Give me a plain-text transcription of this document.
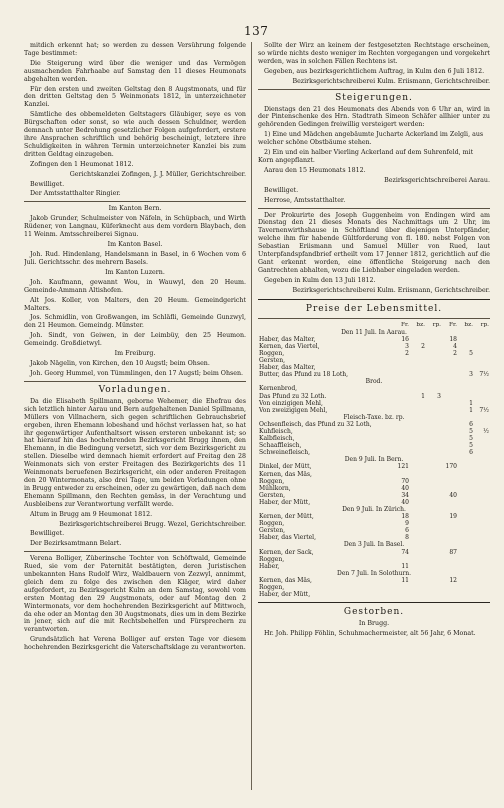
137

mitdich erkennt hat; so werden zu dessen Versührung folgende Tage bestimmet:

Die Steigerung wird über die weniger und das Vermögen ausmachenden Fahrhaabe auf Samstag den 11 dieses Heumonats abgehalten werden.

Für den ersten und zweiten Geltstag den 8 Augstmonats, und für den dritten Geltstag den 5 Weinmonats 1812, in unterzeichneter Kanzlei.

Sämtliche des obbemeldeten Geltstagers Gläubiger, seye es von Bürgschaften oder sonst, so wie auch dessen Schuldner, werden demnach unter Bedrohung gesetzlicher Folgen aufgefordert, erstere ihre Ansprachen schriftlich und behörig bescheinigt, letztere ihre Schuldigkeiten in währen Termin unterzeichneter Kanzlei bis zum dritten Geldtag einzugeben.

Zofingen den 1 Heumonat 1812.

Gerichtskanzlei Zofingen, J. J. Müller, Gerichtschreiber.

Bewilliget.

Der Amtsstatthalter Ringier.

Im Kanton Bern.

Jakob Grunder, Schulmeister von Näfeln, in Schüpbach, und Wirth Rüdener, von Langnau, Küferknecht aus dem vordern Blaybach, den 11 Weinm. Amtsschreiberei Signau.

Im Kanton Basel.

Joh. Rud. Hindenlang, Handelsmann in Basel, in 6 Wochen vom 6 Juli. Gerichtsschr. des mehrern Basels.

Im Kanton Luzern.

Joh. Kaufmann, gewannt Wou, in Wauwyl, den 20 Heum. Gemeinde-Ammann Altishofen.

Alt Jos. Koller, von Malters, den 20 Heum. Gemeindgericht Malters.

Jos. Schmidlin, von Großwangen, im Schläfli, Gemeinde Gunzwyl, den 21 Heumon. Gemeindg. Münster.

Joh. Sindt, von Geiwen, in der Leimbüy, den 25 Heumon. Gemeindg. Großdietwyl.

Im Freiburg.

Jakob Nägelin, von Kirchen, den 10 Augstl; beim Ohsen.

Joh. Georg Hummel, von Tümmlingen, den 17 Augstl; beim Ohsen.

Vorladungen.

Da die Elisabeth Spillmann, geborne Wehemer, die Ehefrau des sich letztlich hinter Aarau und Bern aufgehaltenen Daniel Spillmann, Müllers von Villnachern, sich gegen schriftlichen Gebrauchsbrief ergeben, ihren Ehemann lobeshand und höchst verlassen hat, so hat ihr gegenwärtiger Aufenthaltsort wissen ersteren unbekannt ist; so hat hierauf hin das hochehrenden Bezirksgericht Brugg ihnen, den Ehemann, in die Bedingung versetzt, sich vor dem Bezirksgericht zu stellen. Dieselbe wird demnach hiemit erfordert auf Freitag den 28 Weinmonats sich von erster Freitagen des Bezirkgerichts des 11 Weinmonats beruefenen Bezirksgericht, ein oder anderen Freitagen den 20 Wintermonats, also drei Tage, um beiden Vorladungen ohne in Brugg entweder zu erscheinen, oder zu gewärtigen, daß nach dem Ehemann Spillmann, den Rechten gemäss, in der Verachtung und Ausbleibens zur Verantwortung verfällt werde.

Altum in Brugg am 9 Heumonat 1812.

Bezirksgerichtschreiberei Brugg. Wezel, Gerichtschreiber.

Bewilliget.

Der Bezirksamtmann Belart.

Verena Bolliger, Züberinsche Tochter von Schöftwald, Gemeinde Rued, sie vom der Paternität bestätigten, deren Juristischen unbekannten Hans Rudolf Wirz, Waldbauern von Zezwyl, annimmt, gleich dem zu folge des zwischen den Kläger, wird daher aufgefordert, zu Bezirksgericht Kulm an dem Samstag, sowohl vom ersten Montag den 29 Augstmonats, oder auf Montag den 2 Wintermonats, vor dem hochehrenden Bezirksgericht auf Mittwoch, da ehe oder an Montag den 30 Augstmonats, dies um in dem Bezirke in jener, sich auf die mit Rechtsbehelfen und Fürsprechern zu verantworten.

Grundsätzlich hat Verena Bolliger auf ersten Tage vor diesem hochehrenden Bezirksgericht die Vaterschaftsklage zu verantworten.

Sollte der Wirz an keinem der festgesetzten Rechtstage erscheinen, so würde nichts desto weniger im Rechten vorgegangen und vorgekehrt werden, was in solchen Fällen Rechtens ist.

Gegeben, aus bezirksgerichtlichem Auftrag, in Kulm den 6 Juli 1812.

Bezirksgerichtschreiberei Kulm. Eriismann, Gerichtschreiber.

Steigerungen.

Dienstags den 21 des Heumonats des Abends von 6 Uhr an, wird in der Pintenschenke des Hrn. Stadtrath Simeon Schäfer allhier unter zu gehörenden Gedingen freiwillig versteigert werden:

1) Eine und Mädchen angebäumte Jucharte Ackerland im Zelgli, aus welcher schöne Obstbäume stehen.

2) Ein und ein halber Vierling Ackerland auf dem Suhrenfeld, mit Korn angepflanzt.

Aarau den 15 Heumonats 1812.

Bezirksgerichtschreiberei Aarau.

Bewilliget.

Herrose, Amtsstatthalter.

Der Prokurirte des Joseph Guggenheim von Endingen wird am Dienstag den 21 dieses Monats des Nachmittags um 2 Uhr, im Tavernenwirthshause in Schöftland über diejenigen Unterpfänder, welche ihm für habende Gültforderung von fl. 180. nebst Folgen von Sebastian Eriismann und Samuel Müller von Rued, laut Unterpfandspfandbrief ertheilt vom 17 Jenner 1812, gerichtlich auf die Gant erkennt worden, eine öffentliche Steigerung nach den Gantrechten abhalten, wozu die Liebhaber eingeladen werden.

Gegeben in Kulm den 13 Juli 1812.

Bezirksgerichtschreiberei Kulm. Eriismann, Gerichtschreiber.

Preise der Lebensmittel.
	Fr.	bz.	rp.	Fr.	bz.	rp.
Den 11 Juli. In Aarau.						
Haber, das Malter,	16			18		
Kernen, das Viertel,	3	2		4		
Roggen,	2			2	5	
Gersten,						
Haber, das Malter,						
Butter, das Pfund zu 18 Loth,					3	7½
Brod.						
Kernenbrod,						
Das Pfund zu 32 Loth.		1	3			
Von einzigigen Mehl,					1	
Von zweizigigen Mehl,					1	7½
Fleisch-Taxe. bz. rp.						
Ochsenfleisch, das Pfund zu 32 Loth,					6	
Kuhfleisch,					5	½
Kalbfleisch,					5	
Schaaffleisch,					5	
Schweinefleisch,					6	
Den 9 Juli. In Bern.						
Dinkel, der Mütt,	121			170		
Kernen, das Mäs,						
Roggen,	70					
Mühlkorn,	40					
Gersten,	34			40		
Haber, der Mütt,	40					
Den 9 Juli. In Zürich.						
Kernen, der Mütt,	18			19		
Roggen,	9					
Gersten,	6					
Haber, das Viertel,	8					
Den 3 Juli. In Basel.						
Kernen, der Sack,	74			87		
Roggen,						
Haber,	11					
Den 7 Juli. In Solothurn.						
Kernen, das Mäs,	11			12		
Roggen,						
Haber, der Mütt,						
Gestorben.
In Brugg.

Hr. Joh. Philipp Föhlin, Schuhmachermeister, alt 56 Jahr, 6 Monat.
